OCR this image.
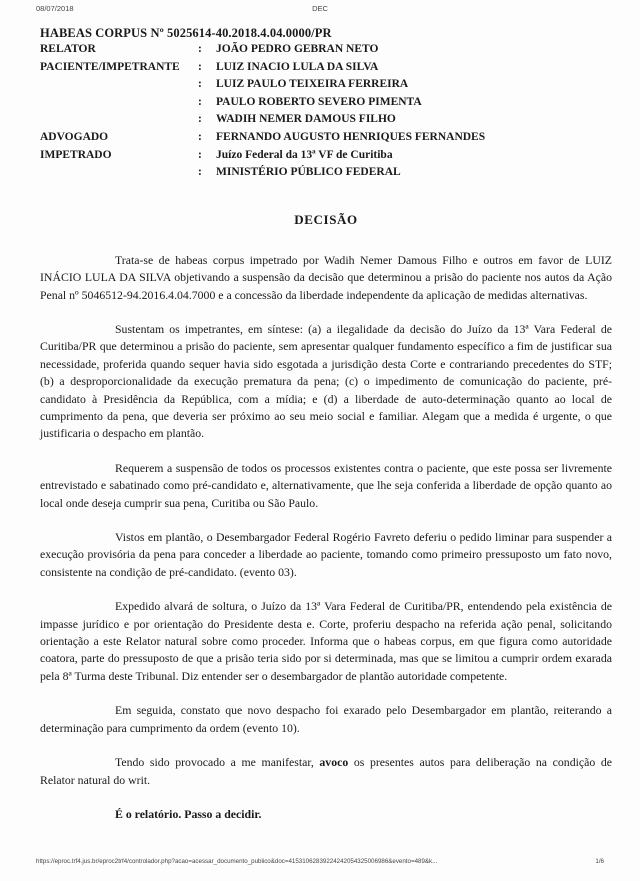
08/07/2018	DEC
HABEAS CORPUS Nº 5025614-40.2018.4.04.0000/PR
RELATOR	:	JOÃO PEDRO GEBRAN NETO
PACIENTE/IMPETRANTE	:	LUIZ INACIO LULA DA SILVA
	:	LUIZ PAULO TEIXEIRA FERREIRA
	:	PAULO ROBERTO SEVERO PIMENTA
	:	WADIH NEMER DAMOUS FILHO
ADVOGADO	:	FERNANDO AUGUSTO HENRIQUES FERNANDES
IMPETRADO	:	Juízo Federal da 13ª VF de Curitiba
	:	MINISTÉRIO PÚBLICO FEDERAL
DECISÃO

Trata-se de habeas corpus impetrado por Wadih Nemer Damous Filho e outros em favor de LUIZ INÁCIO LULA DA SILVA objetivando a suspensão da decisão que determinou a prisão do paciente nos autos da Ação Penal nº 5046512-94.2016.4.04.7000 e a concessão da liberdade independente da aplicação de medidas alternativas.

Sustentam os impetrantes, em síntese: (a) a ilegalidade da decisão do Juízo da 13ª Vara Federal de Curitiba/PR que determinou a prisão do paciente, sem apresentar qualquer fundamento específico a fim de justificar sua necessidade, proferida quando sequer havia sido esgotada a jurisdição desta Corte e contrariando precedentes do STF; (b) a desproporcionalidade da execução prematura da pena; (c) o impedimento de comunicação do paciente, pré-candidato à Presidência da República, com a mídia; e (d) a liberdade de auto-determinação quanto ao local de cumprimento da pena, que deveria ser próximo ao seu meio social e familiar. Alegam que a medida é urgente, o que justificaria o despacho em plantão.

Requerem a suspensão de todos os processos existentes contra o paciente, que este possa ser livremente entrevistado e sabatinado como pré-candidato e, alternativamente, que lhe seja conferida a liberdade de opção quanto ao local onde deseja cumprir sua pena, Curitiba ou São Paulo.

Vistos em plantão, o Desembargador Federal Rogério Favreto deferiu o pedido liminar para suspender a execução provisória da pena para conceder a liberdade ao paciente, tomando como primeiro pressuposto um fato novo, consistente na condição de pré-candidato. (evento 03).

Expedido alvará de soltura, o Juízo da 13ª Vara Federal de Curitiba/PR, entendendo pela existência de impasse jurídico e por orientação do Presidente desta e. Corte, proferiu despacho na referida ação penal, solicitando orientação a este Relator natural sobre como proceder. Informa que o habeas corpus, em que figura como autoridade coatora, parte do pressuposto de que a prisão teria sido por si determinada, mas que se limitou a cumprir ordem exarada pela 8ª Turma deste Tribunal. Diz entender ser o desembargador de plantão autoridade competente.

Em seguida, constato que novo despacho foi exarado pelo Desembargador em plantão, reiterando a determinação para cumprimento da ordem (evento 10).

Tendo sido provocado a me manifestar, avoco os presentes autos para deliberação na condição de Relator natural do writ.

É o relatório. Passo a decidir.

https://eproc.trf4.jus.br/eproc2trf4/controlador.php?acao=acessar_documento_publico&doc=41531062839224242054325006986&evento=489&k...	1/6
